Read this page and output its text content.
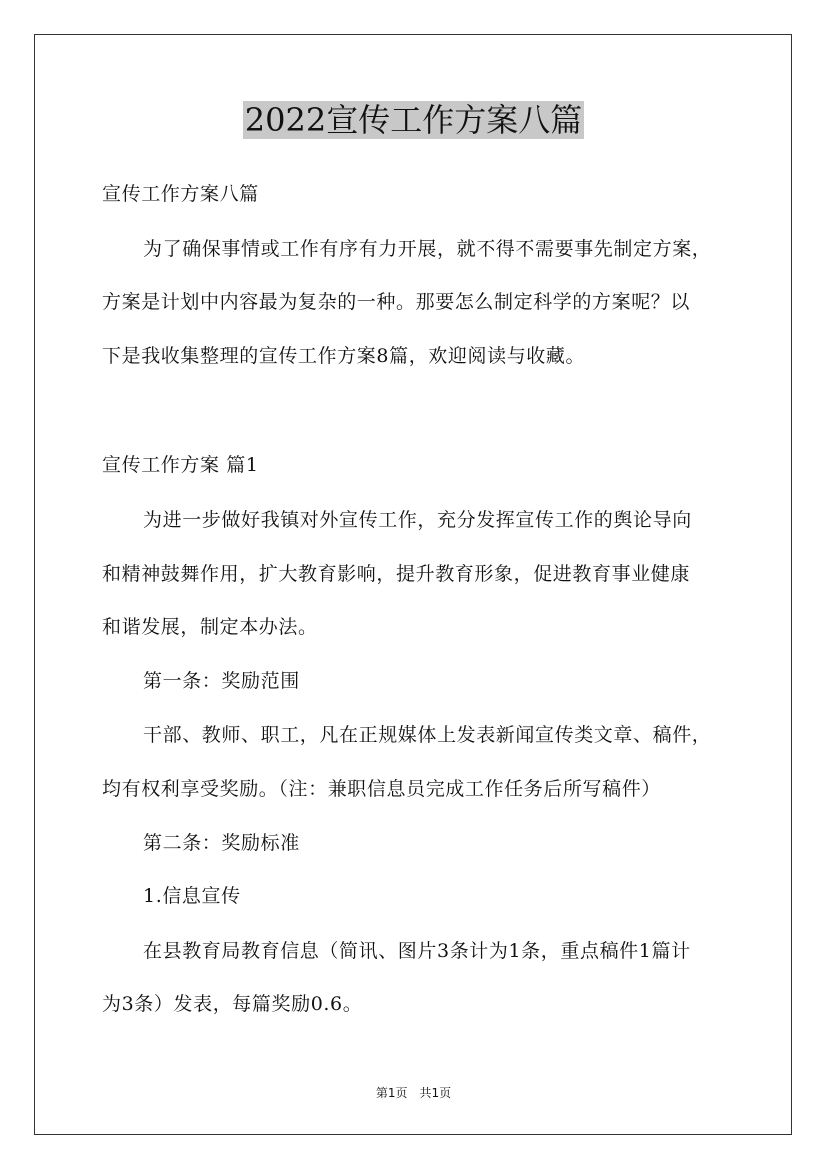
2022宣传工作方案八篇
宣传工作方案八篇
为了确保事情或工作有序有力开展，就不得不需要事先制定方案，
方案是计划中内容最为复杂的一种。那要怎么制定科学的方案呢？以
下是我收集整理的宣传工作方案8篇，欢迎阅读与收藏。
宣传工作方案 篇1
为进一步做好我镇对外宣传工作，充分发挥宣传工作的舆论导向
和精神鼓舞作用，扩大教育影响，提升教育形象，促进教育事业健康
和谐发展，制定本办法。
第一条：奖励范围
干部、教师、职工，凡在正规媒体上发表新闻宣传类文章、稿件，
均有权利享受奖励。（注：兼职信息员完成工作任务后所写稿件）
第二条：奖励标准
1.信息宣传
在县教育局教育信息（简讯、图片3条计为1条，重点稿件1篇计
为3条）发表，每篇奖励0.6。
第1页　共1页
